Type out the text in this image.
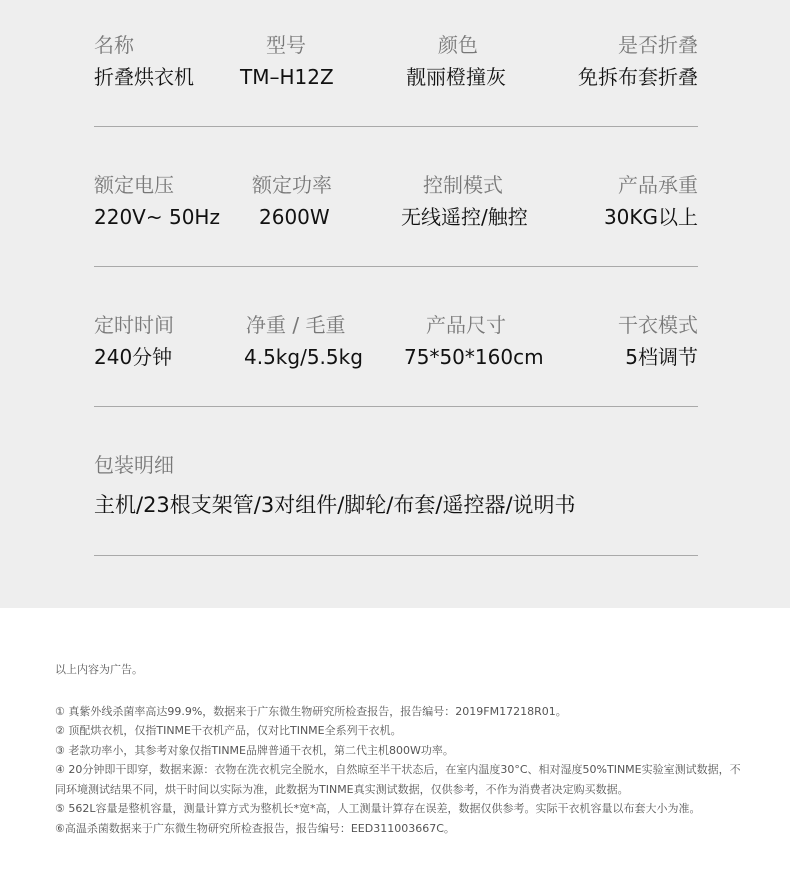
名称
折叠烘衣机
型号
TM–H12Z
颜色
靓丽橙撞灰
是否折叠
免拆布套折叠
额定电压
220V~ 50Hz
额定功率
2600W
控制模式
无线遥控/触控
产品承重
30KG以上
定时时间
240分钟
净重 / 毛重
4.5kg/5.5kg
产品尺寸
75*50*160cm
干衣模式
5档调节
包装明细
主机/23根支架管/3对组件/脚轮/布套/遥控器/说明书

以上内容为广告。

① 真紫外线杀菌率高达99.9%，数据来于广东微生物研究所检查报告，报告编号：2019FM17218R01。

② 顶配烘衣机，仅指TINME干衣机产品，仅对比TINME全系列干衣机。

③ 老款功率小，其参考对象仅指TINME品牌普通干衣机，第二代主机800W功率。

④ 20分钟即干即穿，数据来源：衣物在洗衣机完全脱水，自然晾至半干状态后，在室内温度30°C、相对湿度50%TINME实验室测试数据，不同环境测试结果不同，烘干时间以实际为准，此数据为TINME真实测试数据，仅供参考，不作为消费者决定购买数据。

⑤ 562L容量是整机容量，测量计算方式为整机长*宽*高，人工测量计算存在误差，数据仅供参考。实际干衣机容量以布套大小为准。

⑥高温杀菌数据来于广东微生物研究所检查报告，报告编号：EED311003667C。
